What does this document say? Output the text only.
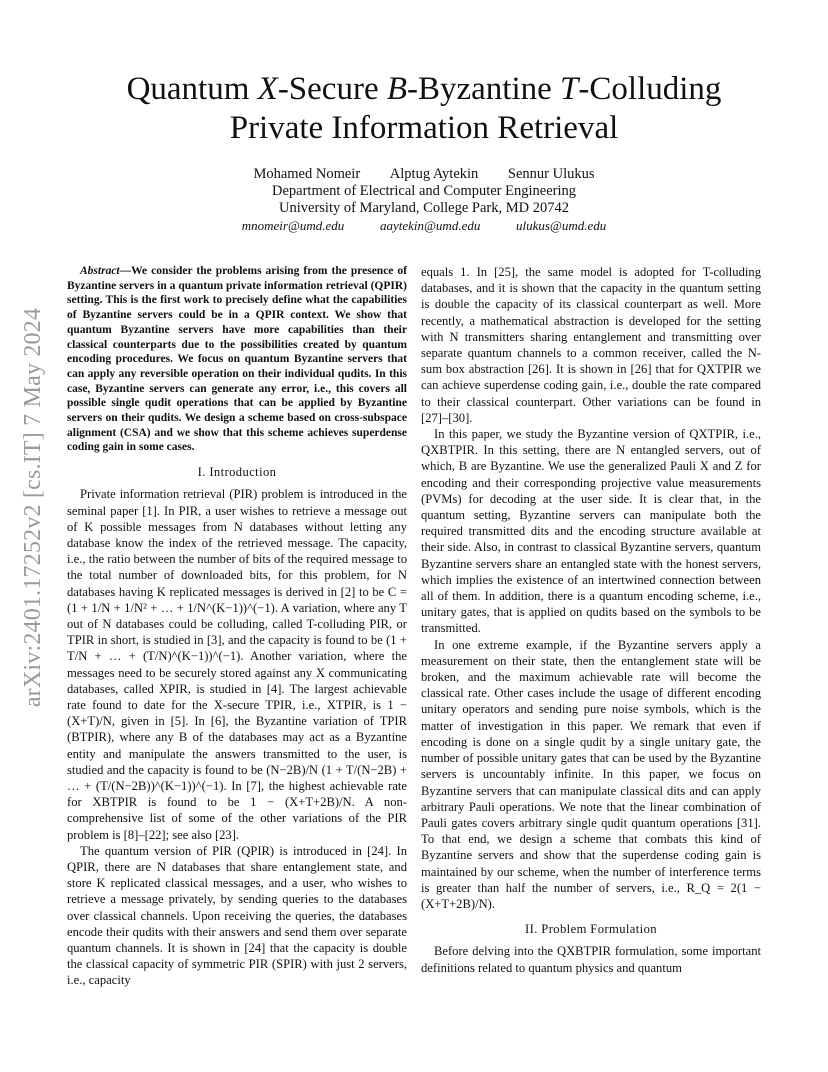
arXiv:2401.17252v2 [cs.IT] 7 May 2024
Quantum X-Secure B-Byzantine T-Colluding
Private Information Retrieval
Mohamed Nomeir Alptug Aytekin Sennur Ulukus
Department of Electrical and Computer Engineering
University of Maryland, College Park, MD 20742
mnomeir@umd.edu	aaytekin@umd.edu	ulukus@umd.edu

Abstract—We consider the problems arising from the presence of Byzantine servers in a quantum private information retrieval (QPIR) setting. This is the first work to precisely define what the capabilities of Byzantine servers could be in a QPIR context. We show that quantum Byzantine servers have more capabilities than their classical counterparts due to the possibilities created by quantum encoding procedures. We focus on quantum Byzantine servers that can apply any reversible operation on their individual qudits. In this case, Byzantine servers can generate any error, i.e., this covers all possible single qudit operations that can be applied by Byzantine servers on their qudits. We design a scheme based on cross-subspace alignment (CSA) and we show that this scheme achieves superdense coding gain in some cases.

I. Introduction

Private information retrieval (PIR) problem is introduced in the seminal paper [1]. In PIR, a user wishes to retrieve a message out of K possible messages from N databases without letting any database know the index of the retrieved message. The capacity, i.e., the ratio between the number of bits of the required message to the total number of downloaded bits, for this problem, for N databases having K replicated messages is derived in [2] to be C = (1 + 1/N + 1/N² + … + 1/N^(K−1))^(−1). A variation, where any T out of N databases could be colluding, called T-colluding PIR, or TPIR in short, is studied in [3], and the capacity is found to be (1 + T/N + … + (T/N)^(K−1))^(−1). Another variation, where the messages need to be securely stored against any X communicating databases, called XPIR, is studied in [4]. The largest achievable rate found to date for the X-secure TPIR, i.e., XTPIR, is 1 − (X+T)/N, given in [5]. In [6], the Byzantine variation of TPIR (BTPIR), where any B of the databases may act as a Byzantine entity and manipulate the answers transmitted to the user, is studied and the capacity is found to be (N−2B)/N (1 + T/(N−2B) + … + (T/(N−2B))^(K−1))^(−1). In [7], the highest achievable rate for XBTPIR is found to be 1 − (X+T+2B)/N. A non-comprehensive list of some of the other variations of the PIR problem is [8]–[22]; see also [23].

The quantum version of PIR (QPIR) is introduced in [24]. In QPIR, there are N databases that share entanglement state, and store K replicated classical messages, and a user, who wishes to retrieve a message privately, by sending queries to the databases over classical channels. Upon receiving the queries, the databases encode their qudits with their answers and send them over separate quantum channels. It is shown in [24] that the capacity is double the classical capacity of symmetric PIR (SPIR) with just 2 servers, i.e., capacity

equals 1. In [25], the same model is adopted for T-colluding databases, and it is shown that the capacity in the quantum setting is double the capacity of its classical counterpart as well. More recently, a mathematical abstraction is developed for the setting with N transmitters sharing entanglement and transmitting over separate quantum channels to a common receiver, called the N-sum box abstraction [26]. It is shown in [26] that for QXTPIR we can achieve superdense coding gain, i.e., double the rate compared to their classical counterpart. Other variations can be found in [27]–[30].

In this paper, we study the Byzantine version of QXTPIR, i.e., QXBTPIR. In this setting, there are N entangled servers, out of which, B are Byzantine. We use the generalized Pauli X and Z for encoding and their corresponding projective value measurements (PVMs) for decoding at the user side. It is clear that, in the quantum setting, Byzantine servers can manipulate both the required transmitted dits and the encoding structure available at their side. Also, in contrast to classical Byzantine servers, quantum Byzantine servers share an entangled state with the honest servers, which implies the existence of an intertwined connection between all of them. In addition, there is a quantum encoding scheme, i.e., unitary gates, that is applied on qudits based on the symbols to be transmitted.

In one extreme example, if the Byzantine servers apply a measurement on their state, then the entanglement state will be broken, and the maximum achievable rate will become the classical rate. Other cases include the usage of different encoding unitary operators and sending pure noise symbols, which is the matter of investigation in this paper. We remark that even if encoding is done on a single qudit by a single unitary gate, the number of possible unitary gates that can be used by the Byzantine servers is uncountably infinite. In this paper, we focus on Byzantine servers that can manipulate classical dits and can apply arbitrary Pauli operations. We note that the linear combination of Pauli gates covers arbitrary single qudit quantum operations [31]. To that end, we design a scheme that combats this kind of Byzantine servers and show that the superdense coding gain is maintained by our scheme, when the number of interference terms is greater than half the number of servers, i.e., R_Q = 2(1 − (X+T+2B)/N).

II. Problem Formulation

Before delving into the QXBTPIR formulation, some important definitions related to quantum physics and quantum
